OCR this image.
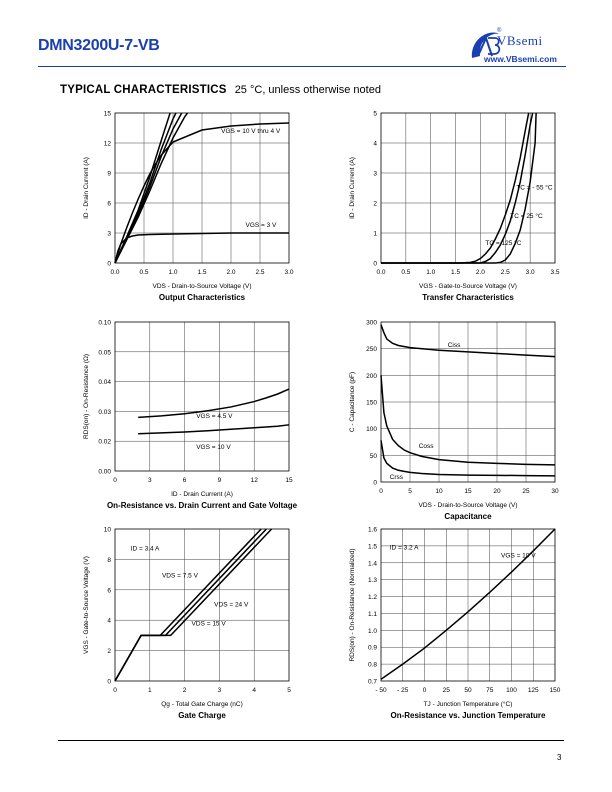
DMN3200U-7-VB
®
VBsemi
www.VBsemi.com
TYPICAL CHARACTERISTICS 25 °C, unless otherwise noted
0.0	0.5	1.0	1.5	2.0	2.5	3.0
0
3
6
9
12
15
VGS = 10 V thru 4 V
VGS = 3 V
VDS - Drain-to-Source Voltage (V)
ID - Drain Current (A)
Output Characteristics
0.0 0.5 1.0 1.5 2.0 2.5 3.0 3.5
0
1
2
3
4
5
TC = - 55 °C
TC = 25 °C
TC = 125 °C
VGS - Gate-to-Source Voltage (V)
ID - Drain Current (A)
Transfer Characteristics
0	3	6	9	12	15
0.00
0.02
0.03
0.04
0.05
0.10
VGS = 4.5 V
VGS = 10 V
ID - Drain Current (A)
RDS(on) - On-Resistance (Ω)
On-Resistance vs. Drain Current and Gate Voltage
0	5	10	15	20	25	30
0
50
100
150
200
250
300
Ciss
Coss
Crss
VDS - Drain-to-Source Voltage (V)
C - Capacitance (pF)
Capacitance
0	1	2	3	4	5
0
2
4
6
8
10
ID = 3.4 A
VDS = 7.5 V
VDS = 24 V
VDS = 15 V
Qg - Total Gate Charge (nC)
VGS - Gate-to-Source Voltage (V)
Gate Charge
- 50 - 25 0	25 50 75 100 125 150
0.7
0.8
0.9
1.0
1.1
1.2
1.3
1.4
1.5
1.6
ID = 3.2 A
VGS = 10 V
TJ - Junction Temperature (°C)
RDS(on) - On-Resistance (Normalized)
On-Resistance vs. Junction Temperature
3
